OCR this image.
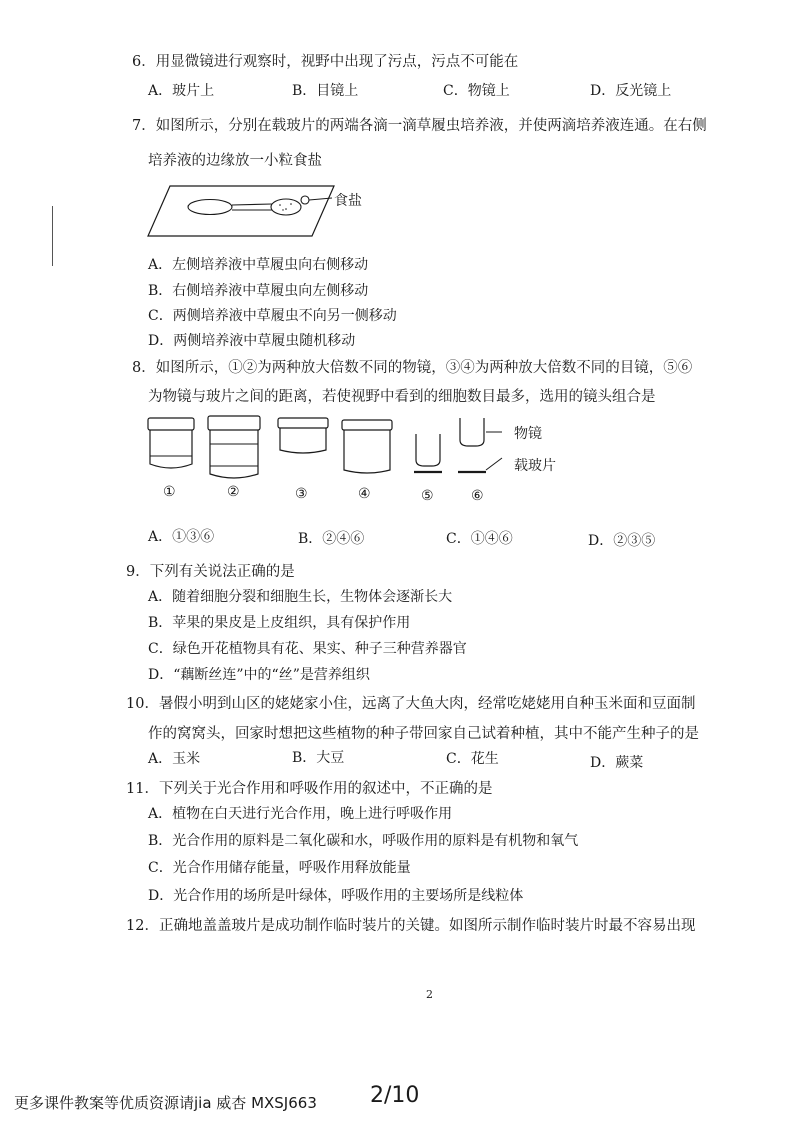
6．用显微镜进行观察时，视野中出现了污点，污点不可能在
A．玻片上	B．目镜上	C．物镜上	D．反光镜上
7．如图所示，分别在载玻片的两端各滴一滴草履虫培养液，并使两滴培养液连通。在右侧
培养液的边缘放一小粒食盐
食盐
A．左侧培养液中草履虫向右侧移动
B．右侧培养液中草履虫向左侧移动
C．两侧培养液中草履虫不向另一侧移动
D．两侧培养液中草履虫随机移动
8．如图所示，①②为两种放大倍数不同的物镜，③④为两种放大倍数不同的目镜，⑤⑥
为物镜与玻片之间的距离，若使视野中看到的细胞数目最多，选用的镜头组合是
物镜
载玻片
①	②	③	④	⑤	⑥
A．①③⑥	B．②④⑥	C．①④⑥	D．②③⑤
9．下列有关说法正确的是
A．随着细胞分裂和细胞生长，生物体会逐渐长大
B．苹果的果皮是上皮组织，具有保护作用
C．绿色开花植物具有花、果实、种子三种营养器官
D．“藕断丝连”中的“丝”是营养组织
10．暑假小明到山区的姥姥家小住，远离了大鱼大肉，经常吃姥姥用自种玉米面和豆面制
作的窝窝头，回家时想把这些植物的种子带回家自己试着种植，其中不能产生种子的是
A．玉米	B．大豆	C．花生	D．蕨菜
11．下列关于光合作用和呼吸作用的叙述中，不正确的是
A．植物在白天进行光合作用，晚上进行呼吸作用
B．光合作用的原料是二氧化碳和水，呼吸作用的原料是有机物和氧气
C．光合作用储存能量，呼吸作用释放能量
D．光合作用的场所是叶绿体，呼吸作用的主要场所是线粒体
12．正确地盖盖玻片是成功制作临时装片的关键。如图所示制作临时装片时最不容易出现
2
更多课件教案等优质资源请jia 威杏 MXSJ663 2/10
